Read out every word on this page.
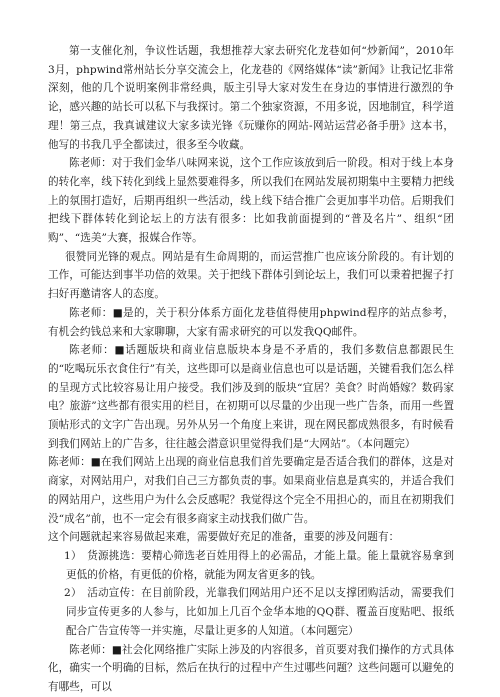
第一支催化剂，争议性话题，我想推荐大家去研究化龙巷如何“炒新闻”，2010年3月，phpwind常州站长分享交流会上，化龙巷的《网络媒体“读”新闻》让我记忆非常深刻，他的几个说明案例非常经典，版主引导大家对发生在身边的事情进行激烈的争论，感兴趣的站长可以私下与我探讨。第二个独家资源，不用多说，因地制宜，科学道理！第三点，我真诚建议大家多读光锋《玩赚你的网站-网站运营必备手册》这本书，他写的书我几乎全都读过，很多至今收藏。

陈老师：对于我们金华八味网来说，这个工作应该放到后一阶段。相对于线上本身的转化率，线下转化到线上显然要难得多，所以我们在网站发展初期集中主要精力把线上的氛围打造好，后期再组织一些活动，线上线下结合推广会更加事半功倍。后期我们把线下群体转化到论坛上的方法有很多：比如我前面提到的“普及名片”、组织“团购”、“选美”大赛，报媒合作等。

很赞同光锋的观点。网站是有生命周期的，而运营推广也应该分阶段的。有计划的工作，可能达到事半功倍的效果。关于把线下群体引到论坛上，我们可以秉着把握子打扫好再邀请客人的态度。

陈老师：■是的，关于积分体系方面化龙巷值得使用phpwind程序的站点参考，有机会约钱总来和大家聊聊，大家有需求研究的可以发我QQ邮件。

陈老师：■话题版块和商业信息版块本身是不矛盾的，我们多数信息都跟民生的“吃喝玩乐衣食住行”有关，这些即可以是商业信息也可以是话题，关键看我们怎么样的呈现方式比较容易让用户接受。我们涉及到的版块“宜居？美食？时尚婚嫁？数码家电？旅游”这些都有很实用的栏目，在初期可以尽量的少出现一些广告条，而用一些置顶帖形式的文字广告出现。另外从另一个角度上来讲，现在网民都成熟很多，有时候看到我们网站上的广告多，往往越会潜意识里觉得我们是“大网站”。（本问题完）

陈老师：■在我们网站上出现的商业信息我们首先要确定是否适合我们的群体，这是对商家，对网站用户，对我们自己三方都负责的事。如果商业信息是真实的，并适合我们的网站用户，这些用户为什么会反感呢？我觉得这个完全不用担心的，而且在初期我们没“成名”前，也不一定会有很多商家主动找我们做广告。

这个问题就起来容易做起来难，需要做好充足的准备，重要的涉及问题有：

1）　货源挑选：要精心筛选老百姓用得上的必需品，才能上量。能上量就容易拿到更低的价格，有更低的价格，就能为网友省更多的钱。

2）　活动宣传：在目前阶段，光靠我们网站用户还不足以支撑团购活动，需要我们同步宣传更多的人参与，比如加上几百个金华本地的QQ群、覆盖百度贴吧、报纸配合广告宣传等一并实施，尽量让更多的人知道。（本问题完）

陈老师：■社会化网络推广实际上涉及的内容很多，首页要对我们操作的方式具体化，确实一个明确的目标，然后在执行的过程中产生过哪些问题？这些问题可以避免的有哪些，可以
